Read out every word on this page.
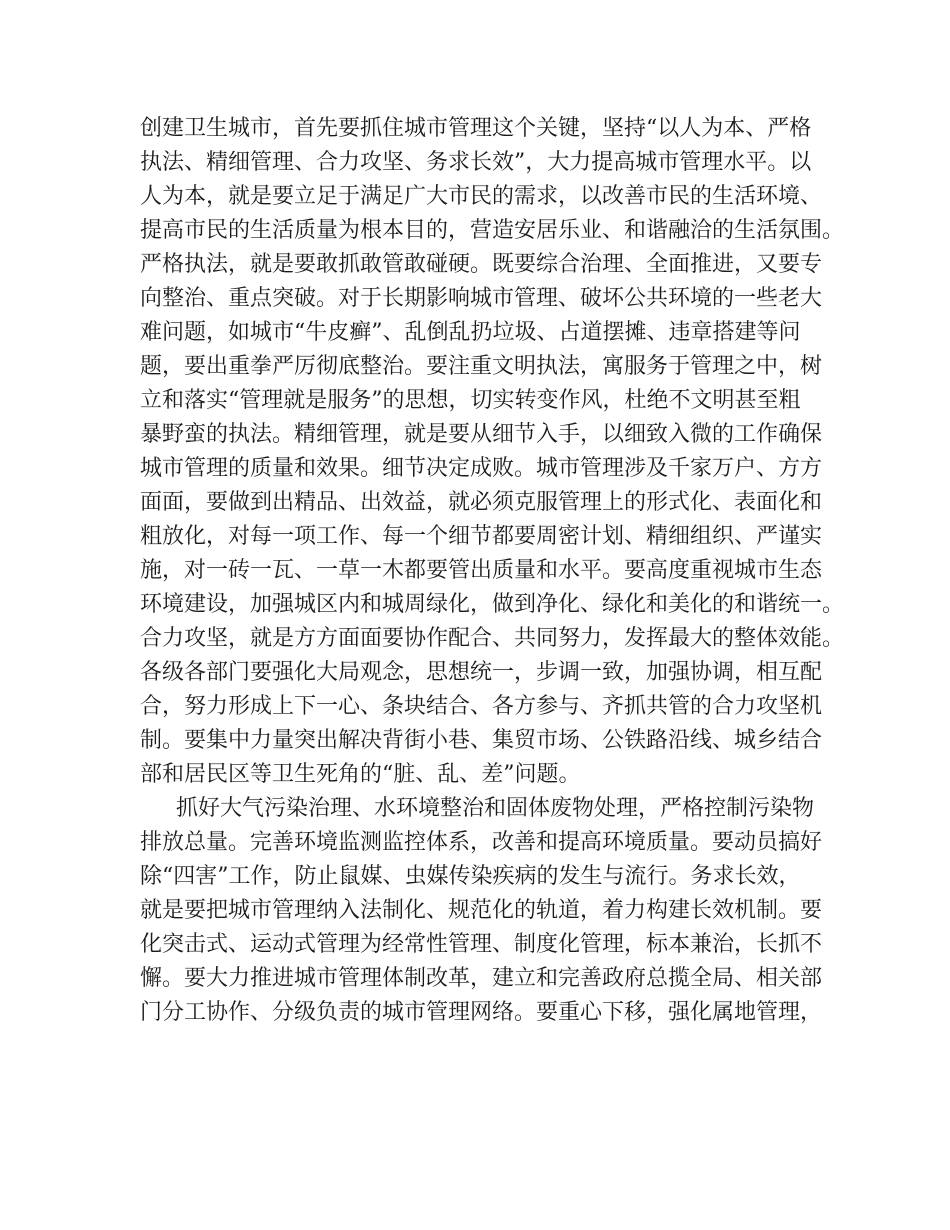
创建卫生城市，首先要抓住城市管理这个关键，坚持“以人为本、严格
执法、精细管理、合力攻坚、务求长效”，大力提高城市管理水平。以
人为本，就是要立足于满足广大市民的需求，以改善市民的生活环境、
提高市民的生活质量为根本目的，营造安居乐业、和谐融洽的生活氛围。
严格执法，就是要敢抓敢管敢碰硬。既要综合治理、全面推进，又要专
向整治、重点突破。对于长期影响城市管理、破坏公共环境的一些老大
难问题，如城市“牛皮癣”、乱倒乱扔垃圾、占道摆摊、违章搭建等问
题，要出重拳严厉彻底整治。要注重文明执法，寓服务于管理之中，树
立和落实“管理就是服务”的思想，切实转变作风，杜绝不文明甚至粗
暴野蛮的执法。精细管理，就是要从细节入手，以细致入微的工作确保
城市管理的质量和效果。细节决定成败。城市管理涉及千家万户、方方
面面，要做到出精品、出效益，就必须克服管理上的形式化、表面化和
粗放化，对每一项工作、每一个细节都要周密计划、精细组织、严谨实
施，对一砖一瓦、一草一木都要管出质量和水平。要高度重视城市生态
环境建设，加强城区内和城周绿化，做到净化、绿化和美化的和谐统一。
合力攻坚，就是方方面面要协作配合、共同努力，发挥最大的整体效能。
各级各部门要强化大局观念，思想统一，步调一致，加强协调，相互配
合，努力形成上下一心、条块结合、各方参与、齐抓共管的合力攻坚机
制。要集中力量突出解决背街小巷、集贸市场、公铁路沿线、城乡结合
部和居民区等卫生死角的“脏、乱、差”问题。
抓好大气污染治理、水环境整治和固体废物处理，严格控制污染物
排放总量。完善环境监测监控体系，改善和提高环境质量。要动员搞好
除“四害”工作，防止鼠媒、虫媒传染疾病的发生与流行。务求长效，
就是要把城市管理纳入法制化、规范化的轨道，着力构建长效机制。要
化突击式、运动式管理为经常性管理、制度化管理，标本兼治，长抓不
懈。要大力推进城市管理体制改革，建立和完善政府总揽全局、相关部
门分工协作、分级负责的城市管理网络。要重心下移，强化属地管理，
